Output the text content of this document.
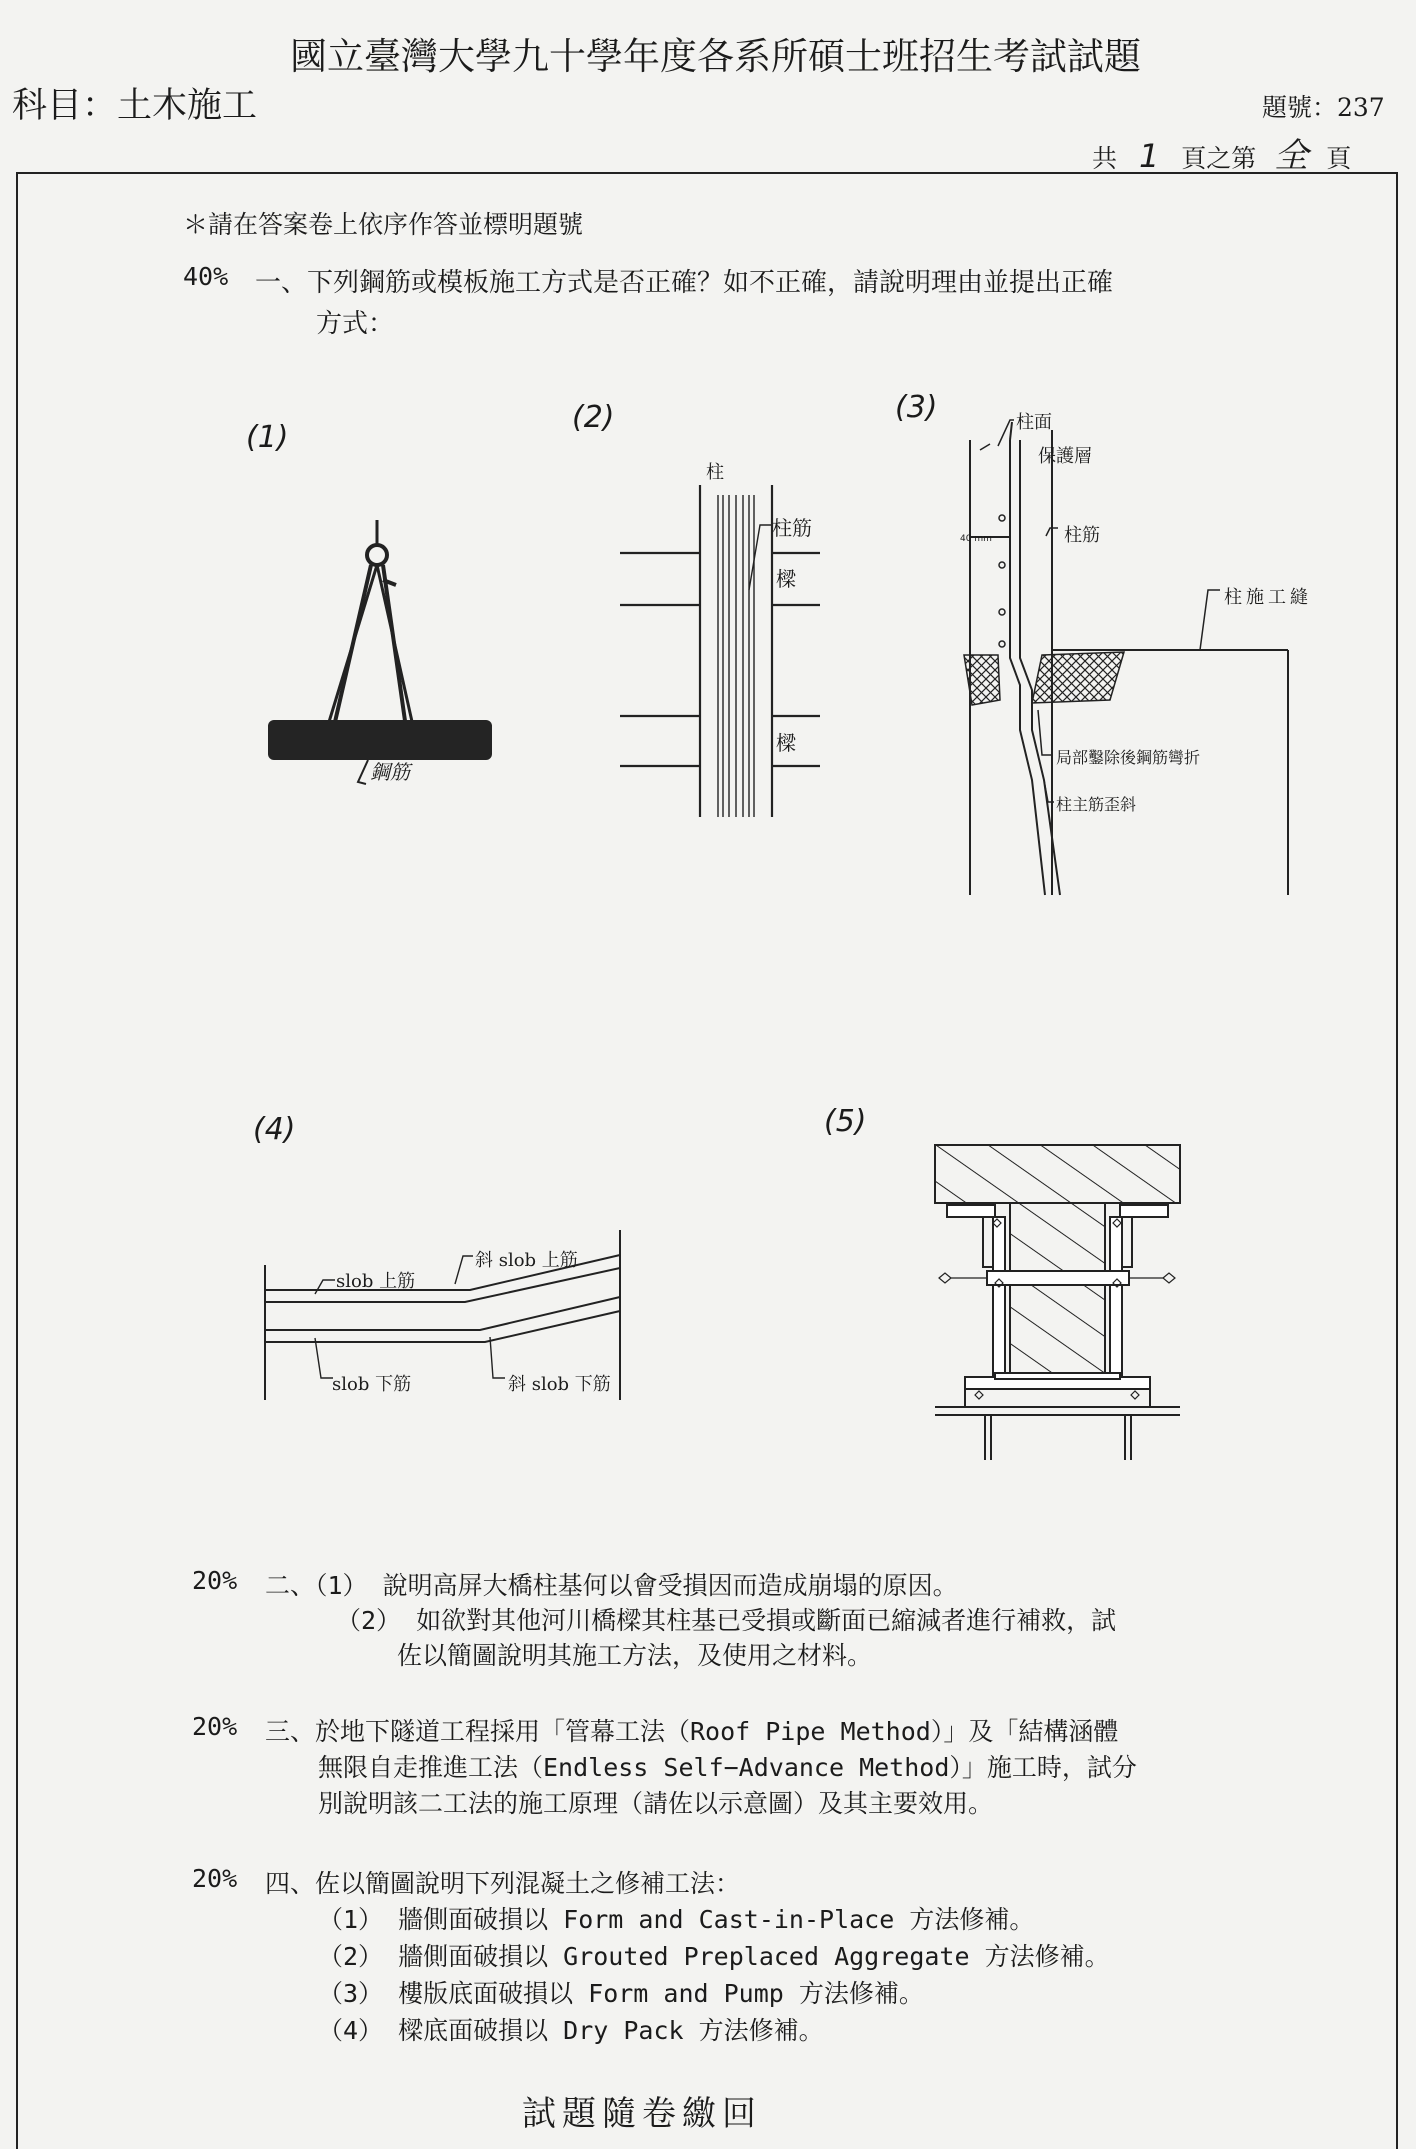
國立臺灣大學九十學年度各系所碩士班招生考試試題
科目：土木施工	題號：237
共 1 頁之第 全 頁
＊請在答案卷上依序作答並標明題號
40% 一、下列鋼筋或模板施工方式是否正確？如不正確，請說明理由並提出正確
方式：
(1)
鋼筋
(2)
柱
柱筋
樑
樑
(3)	柱面
保護層
40 mm	柱筋
柱施工縫
局部鑿除後鋼筋彎折
柱主筋歪斜
(4)
slob 上筋
slob 下筋
斜 slob 上筋
斜 slob 下筋
(5)
20% 二、（1） 說明高屏大橋柱基何以會受損因而造成崩塌的原因。
（2） 如欲對其他河川橋樑其柱基已受損或斷面已縮減者進行補救，試
佐以簡圖說明其施工方法，及使用之材料。
20% 三、於地下隧道工程採用「管幕工法（Roof Pipe Method）」及「結構涵體
無限自走推進工法（Endless Self−Advance Method）」施工時，試分
別說明該二工法的施工原理（請佐以示意圖）及其主要效用。
20% 四、佐以簡圖說明下列混凝土之修補工法：
（1） 牆側面破損以 Form and Cast-in-Place 方法修補。
（2） 牆側面破損以 Grouted Preplaced Aggregate 方法修補。
（3） 樓版底面破損以 Form and Pump 方法修補。
（4） 樑底面破損以 Dry Pack 方法修補。
試題隨卷繳回
